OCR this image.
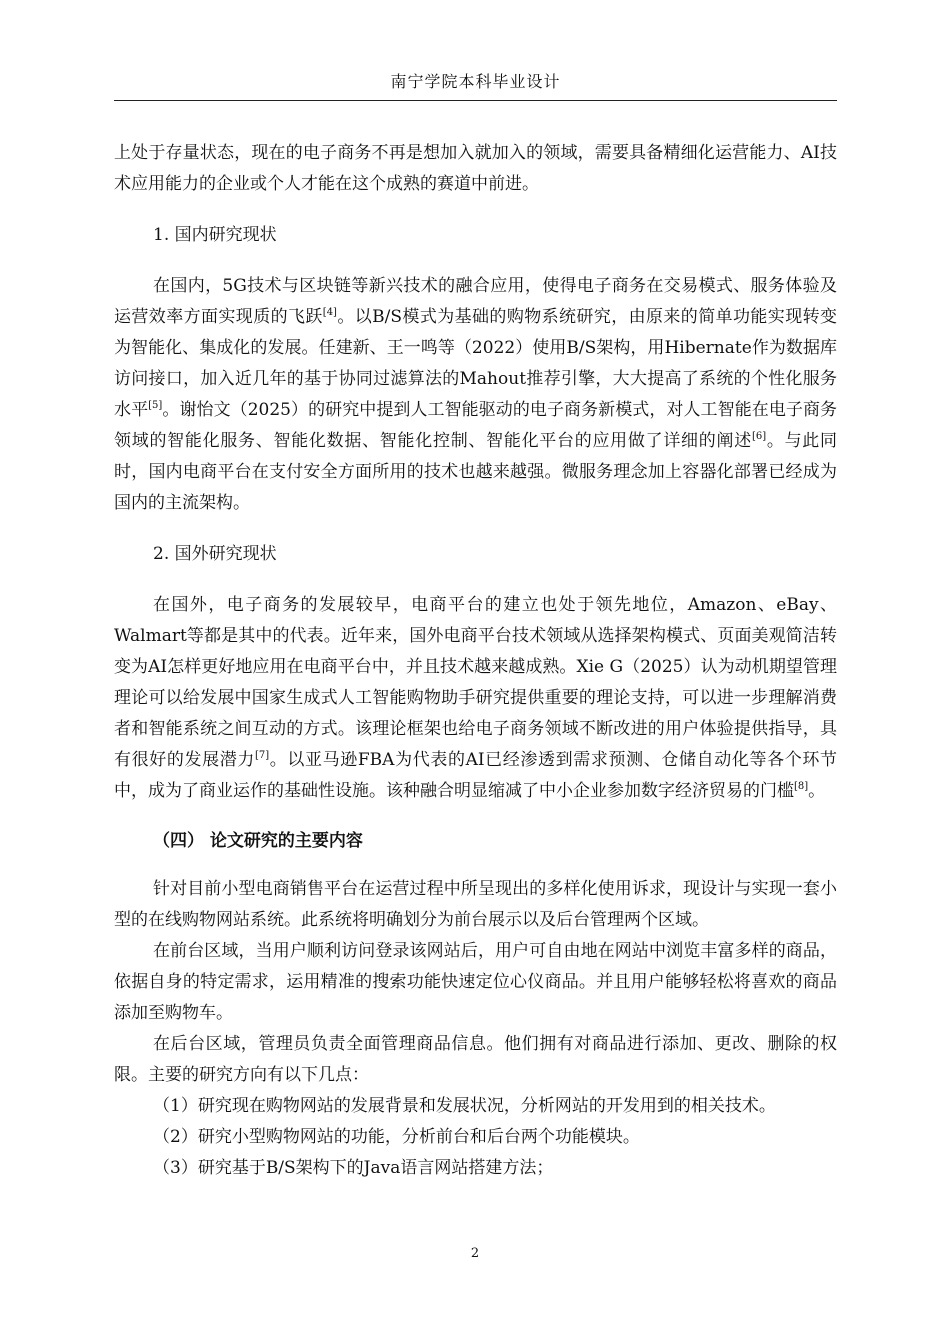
南宁学院本科毕业设计

上处于存量状态，现在的电子商务不再是想加入就加入的领域，需要具备精细化运营能力、AI技术应用能力的企业或个人才能在这个成熟的赛道中前进。

1. 国内研究现状

在国内，5G技术与区块链等新兴技术的融合应用，使得电子商务在交易模式、服务体验及运营效率方面实现质的飞跃[4]。以B/S模式为基础的购物系统研究，由原来的简单功能实现转变为智能化、集成化的发展。任建新、王一鸣等（2022）使用B/S架构，用Hibernate作为数据库访问接口，加入近几年的基于协同过滤算法的Mahout推荐引擎，大大提高了系统的个性化服务水平[5]。谢怡文（2025）的研究中提到人工智能驱动的电子商务新模式，对人工智能在电子商务领域的智能化服务、智能化数据、智能化控制、智能化平台的应用做了详细的阐述[6]。与此同时，国内电商平台在支付安全方面所用的技术也越来越强。微服务理念加上容器化部署已经成为国内的主流架构。

2. 国外研究现状

在国外，电子商务的发展较早，电商平台的建立也处于领先地位，Amazon、eBay、Walmart等都是其中的代表。近年来，国外电商平台技术领域从选择架构模式、页面美观简洁转变为AI怎样更好地应用在电商平台中，并且技术越来越成熟。Xie G（2025）认为动机期望管理理论可以给发展中国家生成式人工智能购物助手研究提供重要的理论支持，可以进一步理解消费者和智能系统之间互动的方式。该理论框架也给电子商务领域不断改进的用户体验提供指导，具有很好的发展潜力[7]。以亚马逊FBA为代表的AI已经渗透到需求预测、仓储自动化等各个环节中，成为了商业运作的基础性设施。该种融合明显缩减了中小企业参加数字经济贸易的门槛[8]。

（四） 论文研究的主要内容

针对目前小型电商销售平台在运营过程中所呈现出的多样化使用诉求，现设计与实现一套小型的在线购物网站系统。此系统将明确划分为前台展示以及后台管理两个区域。

在前台区域，当用户顺利访问登录该网站后，用户可自由地在网站中浏览丰富多样的商品，依据自身的特定需求，运用精准的搜索功能快速定位心仪商品。并且用户能够轻松将喜欢的商品添加至购物车。

在后台区域，管理员负责全面管理商品信息。他们拥有对商品进行添加、更改、删除的权限。主要的研究方向有以下几点：

（1）研究现在购物网站的发展背景和发展状况，分析网站的开发用到的相关技术。

（2）研究小型购物网站的功能，分析前台和后台两个功能模块。

（3）研究基于B/S架构下的Java语言网站搭建方法；

2
